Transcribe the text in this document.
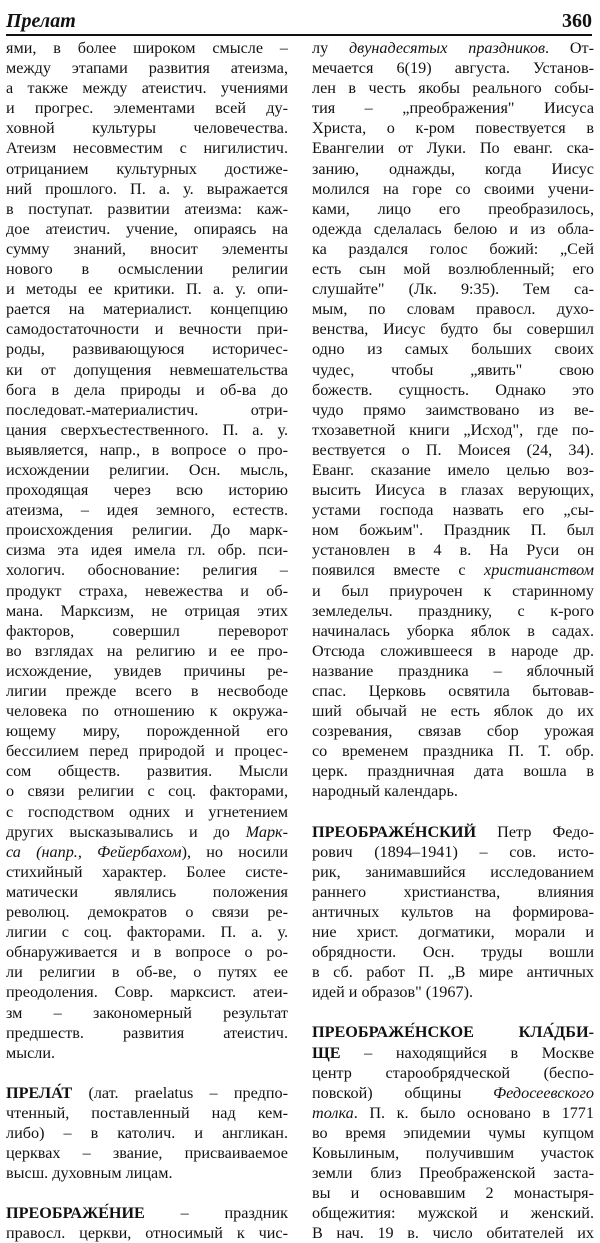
Прелат	360
ями, в более широком смысле –
между этапами развития атеизма,
а также между атеистич. учениями
и прогрес. элементами всей ду-
ховной культуры человечества.
Атеизм несовместим с нигилистич.
отрицанием культурных достиже-
ний прошлого. П. а. у. выражается
в поступат. развитии атеизма: каж-
дое атеистич. учение, опираясь на
сумму знаний, вносит элементы
нового в осмыслении религии
и методы ее критики. П. а. у. опи-
рается на материалист. концепцию
самодостаточности и вечности при-
роды, развивающуюся историчес-
ки от допущения невмешательства
бога в дела природы и об-ва до
последоват.-материалистич. отри-
цания сверхъестественного. П. а. у.
выявляется, напр., в вопросе о про-
исхождении религии. Осн. мысль,
проходящая через всю историю
атеизма, – идея земного, естеств.
происхождения религии. До марк-
сизма эта идея имела гл. обр. пси-
хологич. обоснование: религия –
продукт страха, невежества и об-
мана. Марксизм, не отрицая этих
факторов, совершил переворот
во взглядах на религию и ее про-
исхождение, увидев причины ре-
лигии прежде всего в несвободе
человека по отношению к окружа-
ющему миру, порожденной его
бессилием перед природой и процес-
сом обществ. развития. Мысли
о связи религии с соц. факторами,
с господством одних и угнетением
других высказывались и до Марк-
са (напр., Фейербахом), но носили
стихийный характер. Более систе-
матически являлись положения
революц. демократов о связи ре-
лигии с соц. факторами. П. а. у.
обнаруживается и в вопросе о ро-
ли религии в об-ве, о путях ее
преодоления. Совр. марксист. атеи-
зм – закономерный результат
предшеств. развития атеистич.
мысли.
ПРЕЛА́Т (лат. praelatus – предпо-
чтенный, поставленный над кем-
либо) – в католич. и англикан.
церквах – звание, присваиваемое
высш. духовным лицам.
ПРЕОБРАЖЕ́НИЕ – праздник
правосл. церкви, относимый к чис-
лу двунадесятых праздников. От-
мечается 6(19) августа. Установ-
лен в честь якобы реального собы-
тия – „преображения" Иисуса
Христа, о к-ром повествуется в
Евангелии от Луки. По еванг. ска-
занию, однажды, когда Иисус
молился на горе со своими учени-
ками, лицо его преобразилось,
одежда сделалась белою и из обла-
ка раздался голос божий: „Сей
есть сын мой возлюбленный; его
слушайте" (Лк. 9:35). Тем са-
мым, по словам правосл. духо-
венства, Иисус будто бы совершил
одно из самых больших своих
чудес, чтобы „явить" свою
божеств. сущность. Однако это
чудо прямо заимствовано из ве-
тхозаветной книги „Исход", где по-
вествуется о П. Моисея (24, 34).
Еванг. сказание имело целью воз-
высить Иисуса в глазах верующих,
устами господа назвать его „сы-
ном божьим". Праздник П. был
установлен в 4 в. На Руси он
появился вместе с христианством
и был приурочен к старинному
земледельч. празднику, с к-рого
начиналась уборка яблок в садах.
Отсюда сложившееся в народе др.
название праздника – яблочный
спас. Церковь освятила бытовав-
ший обычай не есть яблок до их
созревания, связав сбор урожая
со временем праздника П. Т. обр.
церк. праздничная дата вошла в
народный календарь.
ПРЕОБРАЖЕ́НСКИЙ Петр Федо-
рович (1894–1941) – сов. исто-
рик, занимавшийся исследованием
раннего христианства, влияния
античных культов на формирова-
ние христ. догматики, морали и
обрядности. Осн. труды вошли
в сб. работ П. „В мире античных
идей и образов" (1967).
ПРЕОБРАЖЕ́НСКОЕ КЛА́ДБИ-
ЩЕ – находящийся в Москве
центр старообрядческой (беспо-
повской) общины Федосеевского
толка. П. к. было основано в 1771
во время эпидемии чумы купцом
Ковылиным, получившим участок
земли близ Преображенской заста-
вы и основавшим 2 монастыря-
общежития: мужской и женский.
В нач. 19 в. число обитателей их
